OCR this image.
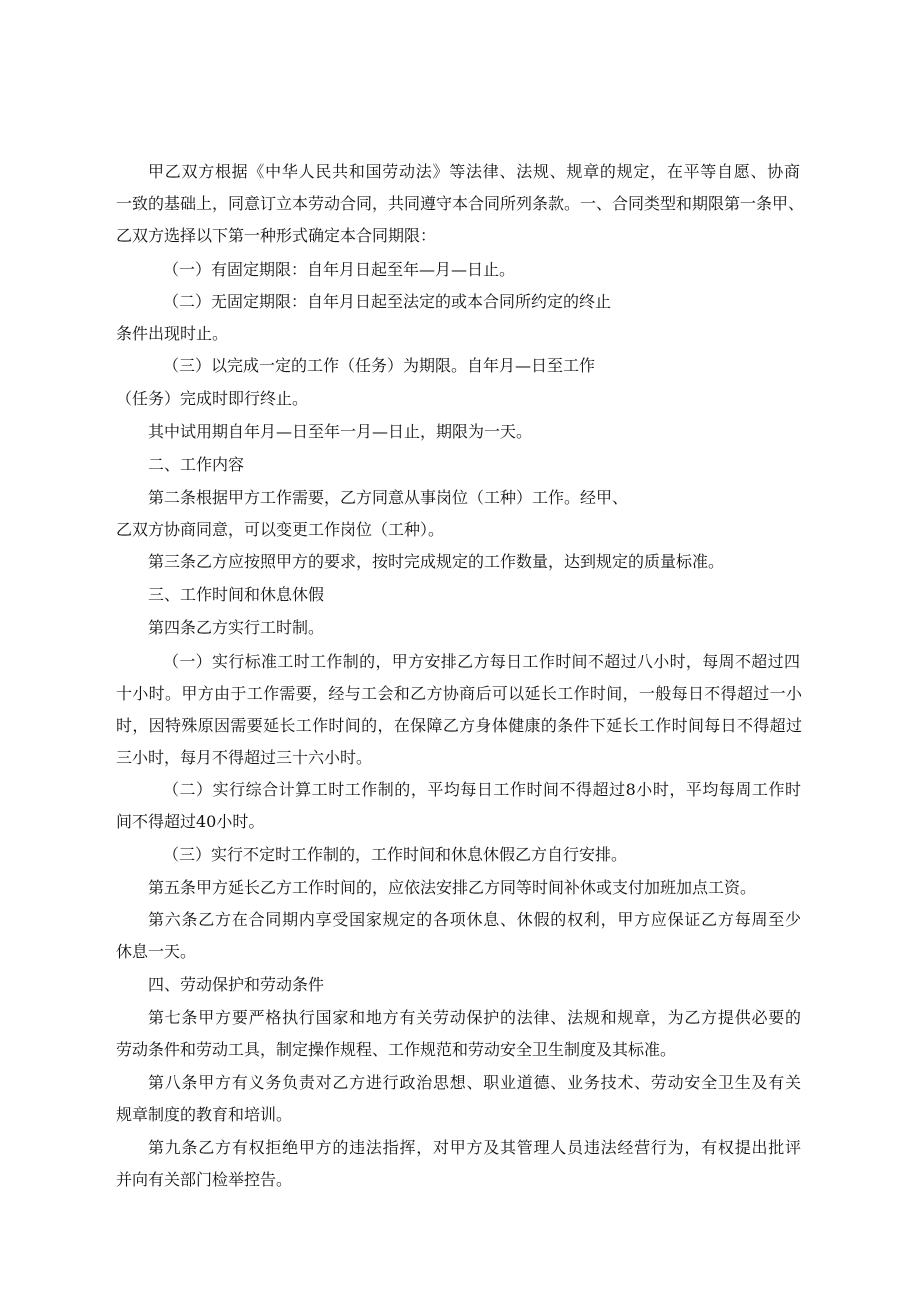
甲乙双方根据《中华人民共和国劳动法》等法律、法规、规章的规定，在平等自愿、协商
一致的基础上，同意订立本劳动合同，共同遵守本合同所列条款。一、合同类型和期限第一条甲、
乙双方选择以下第一种形式确定本合同期限：
（一）有固定期限：自年月日起至年—月—日止。
（二）无固定期限：自年月日起至法定的或本合同所约定的终止
条件出现时止。
（三）以完成一定的工作（任务）为期限。自年月—日至工作
（任务）完成时即行终止。
其中试用期自年月—日至年一月—日止，期限为一天。
二、工作内容
第二条根据甲方工作需要，乙方同意从事岗位（工种）工作。经甲、
乙双方协商同意，可以变更工作岗位（工种）。
第三条乙方应按照甲方的要求，按时完成规定的工作数量，达到规定的质量标准。
三、工作时间和休息休假
第四条乙方实行工时制。
（一）实行标准工时工作制的，甲方安排乙方每日工作时间不超过八小时，每周不超过四
十小时。甲方由于工作需要，经与工会和乙方协商后可以延长工作时间，一般每日不得超过一小
时，因特殊原因需要延长工作时间的，在保障乙方身体健康的条件下延长工作时间每日不得超过
三小时，每月不得超过三十六小时。
（二）实行综合计算工时工作制的，平均每日工作时间不得超过8小时，平均每周工作时
间不得超过40小时。
（三）实行不定时工作制的，工作时间和休息休假乙方自行安排。
第五条甲方延长乙方工作时间的，应依法安排乙方同等时间补休或支付加班加点工资。
第六条乙方在合同期内享受国家规定的各项休息、休假的权利，甲方应保证乙方每周至少
休息一天。
四、劳动保护和劳动条件
第七条甲方要严格执行国家和地方有关劳动保护的法律、法规和规章，为乙方提供必要的
劳动条件和劳动工具，制定操作规程、工作规范和劳动安全卫生制度及其标准。
第八条甲方有义务负责对乙方进行政治思想、职业道德、业务技术、劳动安全卫生及有关
规章制度的教育和培训。
第九条乙方有权拒绝甲方的违法指挥，对甲方及其管理人员违法经营行为，有权提出批评
并向有关部门检举控告。
